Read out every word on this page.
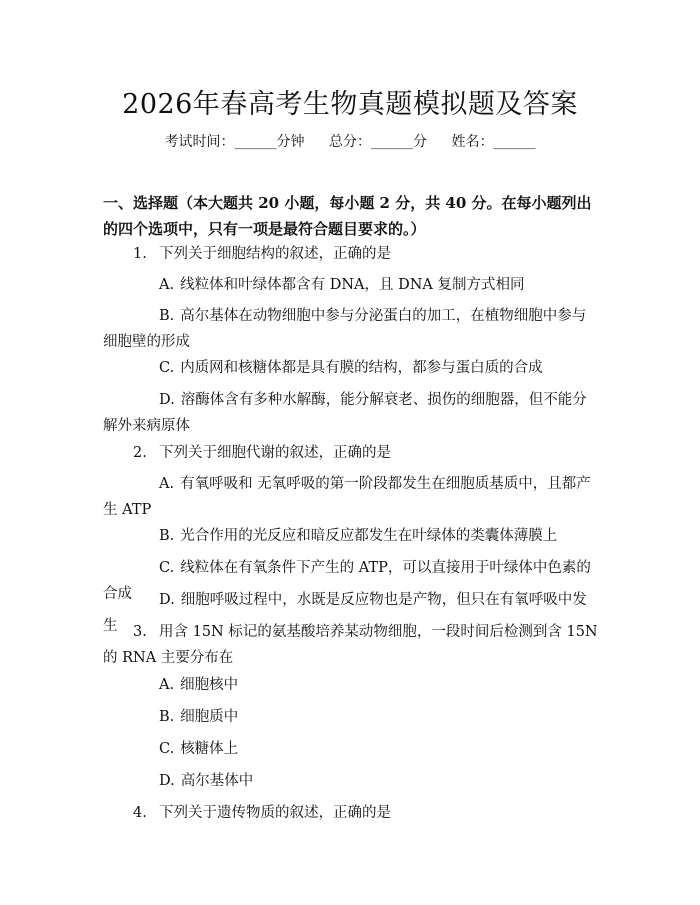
2026年春高考生物真题模拟题及答案
考试时间：______分钟 总分：______分 姓名：______
一、选择题（本大题共 20 小题，每小题 2 分，共 40 分。在每小题列出的四个选项中，只有一项是最符合题目要求的。）
1. 下列关于细胞结构的叙述，正确的是
A. 线粒体和叶绿体都含有 DNA，且 DNA 复制方式相同
B. 高尔基体在动物细胞中参与分泌蛋白的加工，在植物细胞中参与细胞壁的形成
C. 内质网和核糖体都是具有膜的结构，都参与蛋白质的合成
D. 溶酶体含有多种水解酶，能分解衰老、损伤的细胞器，但不能分解外来病原体
2. 下列关于细胞代谢的叙述，正确的是
A. 有氧呼吸和 无氧呼吸的第一阶段都发生在细胞质基质中，且都产生 ATP
B. 光合作用的光反应和暗反应都发生在叶绿体的类囊体薄膜上
C. 线粒体在有氧条件下产生的 ATP，可以直接用于叶绿体中色素的合成	D. 细胞呼吸过程中，水既是反应物也是产物，但只在有氧呼吸中发生	3. 用含 15N 标记的氨基酸培养某动物细胞，一段时间后检测到含 15N 的 RNA 主要分布在
A. 细胞核中
B. 细胞质中
C. 核糖体上
D. 高尔基体中
4. 下列关于遗传物质的叙述，正确的是
